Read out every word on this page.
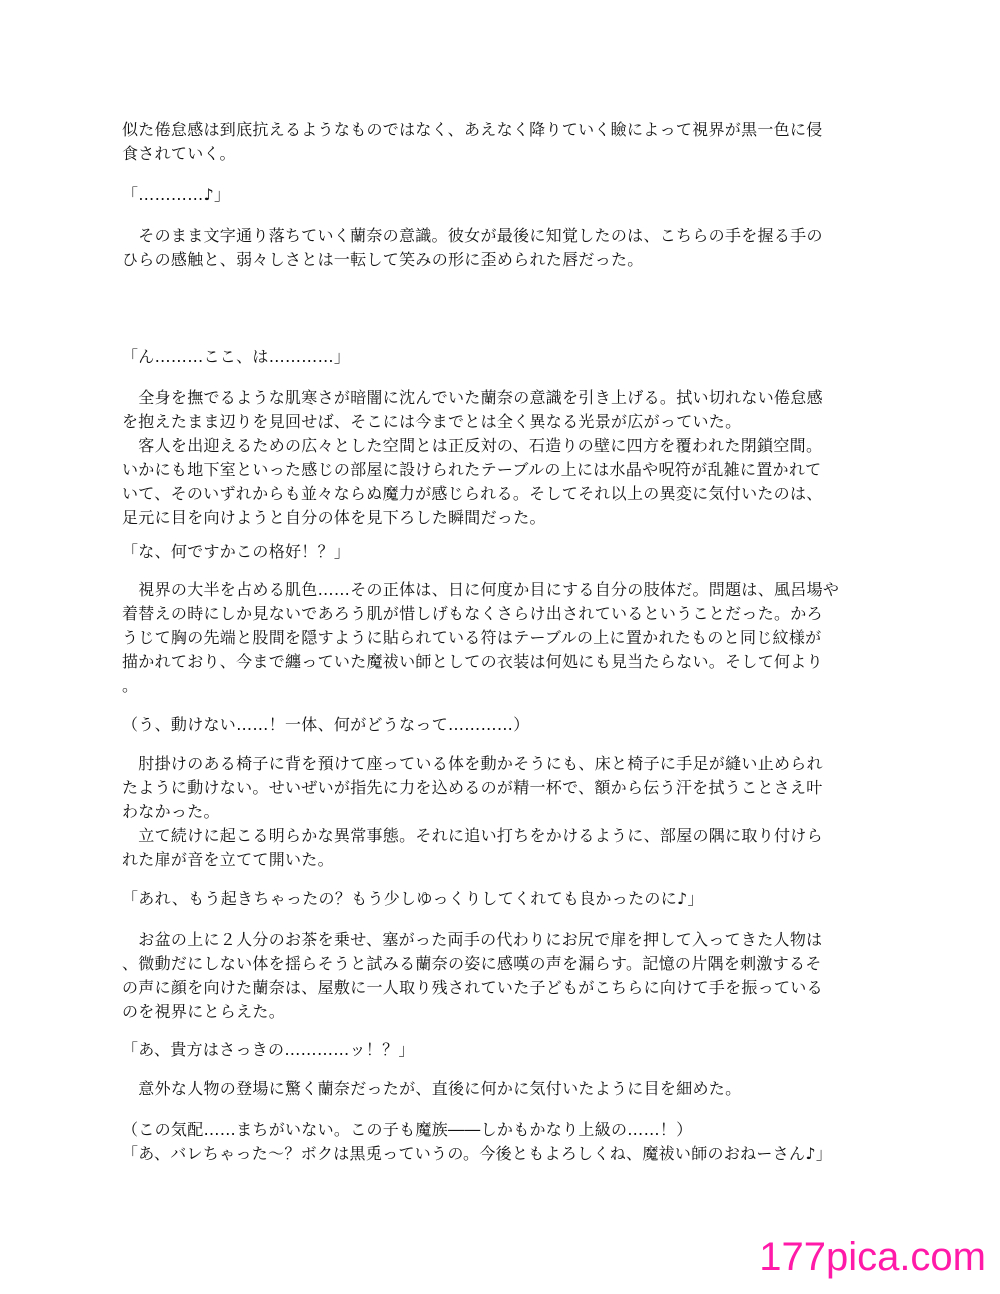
似た倦怠感は到底抗えるようなものではなく、あえなく降りていく瞼によって視界が黒一色に侵
食されていく。
「…………♪」
　そのまま文字通り落ちていく蘭奈の意識。彼女が最後に知覚したのは、こちらの手を握る手の
ひらの感触と、弱々しさとは一転して笑みの形に歪められた唇だった。
「ん………ここ、は…………」
　全身を撫でるような肌寒さが暗闇に沈んでいた蘭奈の意識を引き上げる。拭い切れない倦怠感
を抱えたまま辺りを見回せば、そこには今までとは全く異なる光景が広がっていた。
　客人を出迎えるための広々とした空間とは正反対の、石造りの壁に四方を覆われた閉鎖空間。
いかにも地下室といった感じの部屋に設けられたテーブルの上には水晶や呪符が乱雑に置かれて
いて、そのいずれからも並々ならぬ魔力が感じられる。そしてそれ以上の異変に気付いたのは、
足元に目を向けようと自分の体を見下ろした瞬間だった。
「な、何ですかこの格好！？」
　視界の大半を占める肌色……その正体は、日に何度か目にする自分の肢体だ。問題は、風呂場や
着替えの時にしか見ないであろう肌が惜しげもなくさらけ出されているということだった。かろ
うじて胸の先端と股間を隠すように貼られている符はテーブルの上に置かれたものと同じ紋様が
描かれており、今まで纏っていた魔祓い師としての衣装は何処にも見当たらない。そして何より
。
（う、動けない……！一体、何がどうなって…………）
　肘掛けのある椅子に背を預けて座っている体を動かそうにも、床と椅子に手足が縫い止められ
たように動けない。せいぜいが指先に力を込めるのが精一杯で、額から伝う汗を拭うことさえ叶
わなかった。
　立て続けに起こる明らかな異常事態。それに追い打ちをかけるように、部屋の隅に取り付けら
れた扉が音を立てて開いた。
「あれ、もう起きちゃったの？もう少しゆっくりしてくれても良かったのに♪」
　お盆の上に２人分のお茶を乗せ、塞がった両手の代わりにお尻で扉を押して入ってきた人物は
、微動だにしない体を揺らそうと試みる蘭奈の姿に感嘆の声を漏らす。記憶の片隅を刺激するそ
の声に顔を向けた蘭奈は、屋敷に一人取り残されていた子どもがこちらに向けて手を振っている
のを視界にとらえた。
「あ、貴方はさっきの…………ッ！？」
　意外な人物の登場に驚く蘭奈だったが、直後に何かに気付いたように目を細めた。
（この気配……まちがいない。この子も魔族――しかもかなり上級の……！）
「あ、バレちゃった～？ボクは黒兎っていうの。今後ともよろしくね、魔祓い師のおねーさん♪」
177pica.com
